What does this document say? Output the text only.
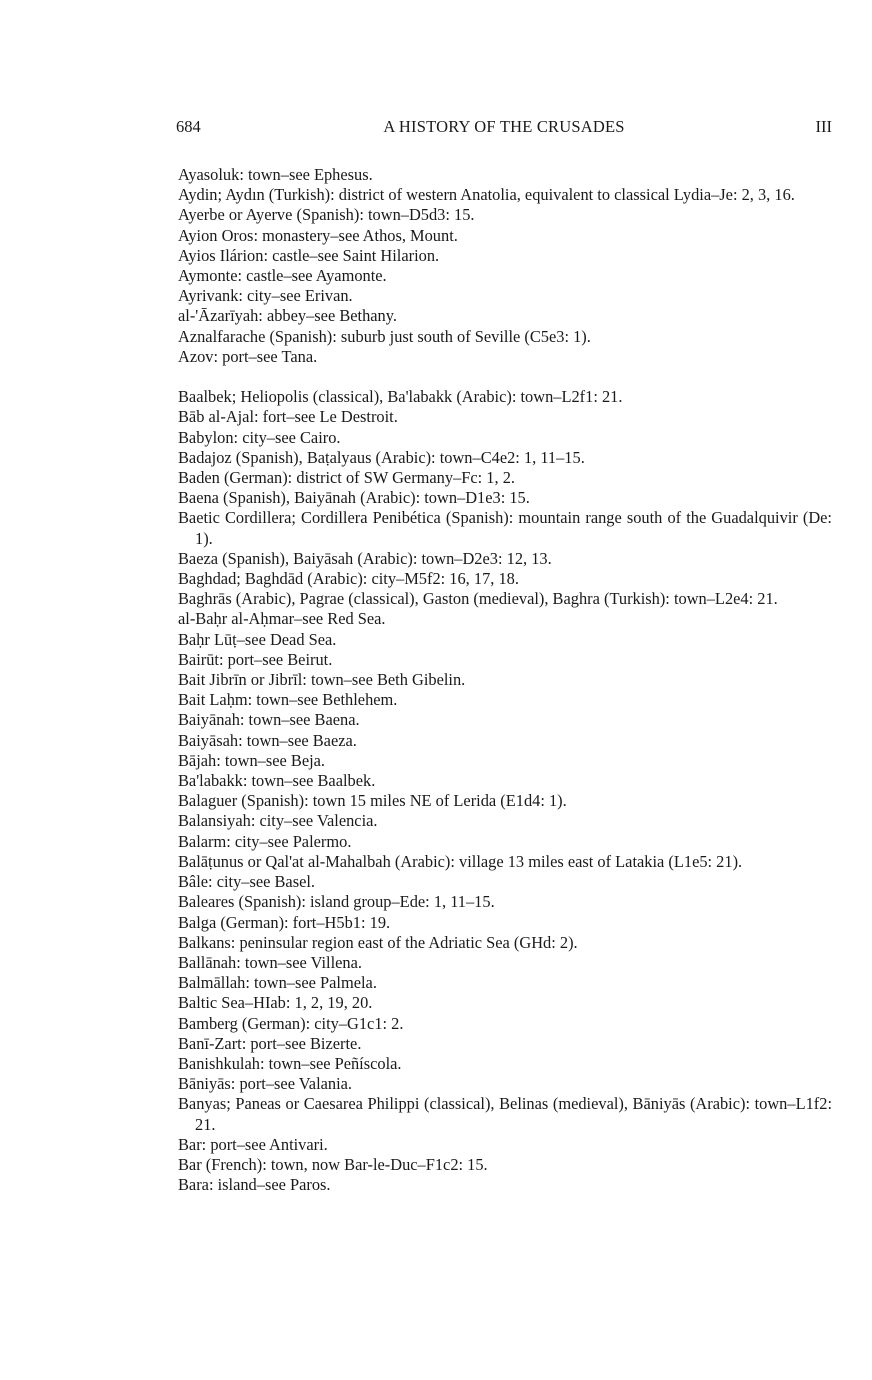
684	A HISTORY OF THE CRUSADES	III

Ayasoluk: town–see Ephesus.

Aydin; Aydın (Turkish): district of western Anatolia, equivalent to classical Lydia–Je: 2, 3, 16.

Ayerbe or Ayerve (Spanish): town–D5d3: 15.

Ayion Oros: monastery–see Athos, Mount.

Ayios Ilárion: castle–see Saint Hilarion.

Aymonte: castle–see Ayamonte.

Ayrivank: city–see Erivan.

al-'Āzarīyah: abbey–see Bethany.

Aznalfarache (Spanish): suburb just south of Seville (C5e3: 1).

Azov: port–see Tana.

Baalbek; Heliopolis (classical), Ba'labakk (Arabic): town–L2f1: 21.

Bāb al-Ajal: fort–see Le Destroit.

Babylon: city–see Cairo.

Badajoz (Spanish), Baṭalyaus (Arabic): town–C4e2: 1, 11–15.

Baden (German): district of SW Germany–Fc: 1, 2.

Baena (Spanish), Baiyānah (Arabic): town–D1e3: 15.

Baetic Cordillera; Cordillera Penibética (Spanish): mountain range south of the Guadalquivir (De: 1).

Baeza (Spanish), Baiyāsah (Arabic): town–D2e3: 12, 13.

Baghdad; Baghdād (Arabic): city–M5f2: 16, 17, 18.

Baghrās (Arabic), Pagrae (classical), Gaston (medieval), Baghra (Turkish): town–L2e4: 21.

al-Baḥr al-Aḥmar–see Red Sea.

Baḥr Lūṭ–see Dead Sea.

Bairūt: port–see Beirut.

Bait Jibrīn or Jibrīl: town–see Beth Gibelin.

Bait Laḥm: town–see Bethlehem.

Baiyānah: town–see Baena.

Baiyāsah: town–see Baeza.

Bājah: town–see Beja.

Ba'labakk: town–see Baalbek.

Balaguer (Spanish): town 15 miles NE of Lerida (E1d4: 1).

Balansiyah: city–see Valencia.

Balarm: city–see Palermo.

Balāṭunus or Qal'at al-Mahalbah (Arabic): village 13 miles east of Latakia (L1e5: 21).

Bâle: city–see Basel.

Baleares (Spanish): island group–Ede: 1, 11–15.

Balga (German): fort–H5b1: 19.

Balkans: peninsular region east of the Adriatic Sea (GHd: 2).

Ballānah: town–see Villena.

Balmāllah: town–see Palmela.

Baltic Sea–HIab: 1, 2, 19, 20.

Bamberg (German): city–G1c1: 2.

Banī-Zart: port–see Bizerte.

Banishkulah: town–see Peñíscola.

Bāniyās: port–see Valania.

Banyas; Paneas or Caesarea Philippi (classical), Belinas (medieval), Bāniyās (Arabic): town–L1f2: 21.

Bar: port–see Antivari.

Bar (French): town, now Bar-le-Duc–F1c2: 15.

Bara: island–see Paros.
